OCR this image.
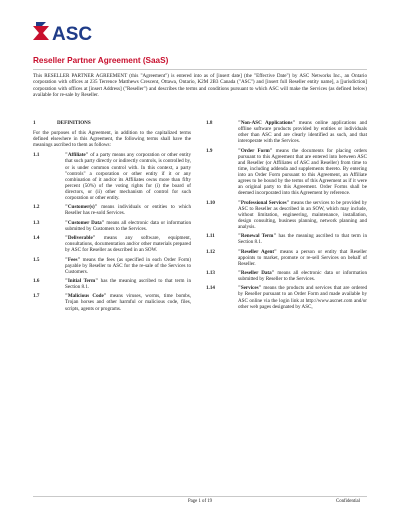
ASC
Reseller Partner Agreement (SaaS)
This RESELLER PARTNER AGREEMENT (this "Agreement") is entered into as of [insert date] (the "Effective Date") by ASC Networks Inc., an Ontario corporation with offices at 235 Terrence Matthews Crescent, Ottawa, Ontario, K2M 2B3 Canada ("ASC") and [insert full Reseller entity name], a [jurisdiction] corporation with offices at [insert Address] ("Reseller") and describes the terms and conditions pursuant to which ASC will make the Services (as defined below) available for re-sale by Reseller.
1	DEFINITIONS
For the purposes of this Agreement, in addition to the capitalized terms defined elsewhere in this Agreement, the following terms shall have the meanings ascribed to them as follows:
1.1	"Affiliate" of a party means any corporation or other entity that such party directly or indirectly controls, is controlled by, or is under common control with. In this context, a party "controls" a corporation or other entity if it or any combination of it and/or its Affiliates owns more than fifty percent (50%) of the voting rights for (i) the board of directors, or (ii) other mechanism of control for such corporation or other entity.
1.2	"Customer(s)" means individuals or entities to which Reseller has re-sold Services.
1.3	"Customer Data" means all electronic data or information submitted by Customers to the Services.
1.4	"Deliverable" means any software, equipment, consultations, documentation and/or other materials prepared by ASC for Reseller as described in an SOW.
1.5	"Fees" means the fees (as specified in each Order Form) payable by Reseller to ASC for the re-sale of the Services to Customers.
1.6	"Initial Term" has the meaning ascribed to that term in Section 8.1.
1.7	"Malicious Code" means viruses, worms, time bombs, Trojan horses and other harmful or malicious code, files, scripts, agents or programs.
1.8	"Non-ASC Applications" means online applications and offline software products provided by entities or individuals other than ASC and are clearly identified as such, and that interoperate with the Services.
1.9	"Order Form" means the documents for placing orders pursuant to this Agreement that are entered into between ASC and Reseller (or Affiliates of ASC and Reseller) from time to time, including addenda and supplements thereto. By entering into an Order Form pursuant to this Agreement, an Affiliate agrees to be bound by the terms of this Agreement as if it were an original party to this Agreement. Order Forms shall be deemed incorporated into this Agreement by reference.
1.10	"Professional Services" means the services to be provided by ASC to Reseller as described in an SOW, which may include, without limitation, engineering, maintenance, installation, design consulting, business planning, network planning and analysis.
1.11	"Renewal Term" has the meaning ascribed to that term in Section 8.1.
1.12	"Reseller Agent" means a person or entity that Reseller appoints to market, promote or re-sell Services on behalf of Reseller.
1.13	"Reseller Data" means all electronic data or information submitted by Reseller to the Services.
1.14	"Services" means the products and services that are ordered by Reseller pursuant to an Order Form and made available by ASC online via the login link at http://www.ascnet.com and/or other web pages designated by ASC,
Page 1 of 19	Confidential
